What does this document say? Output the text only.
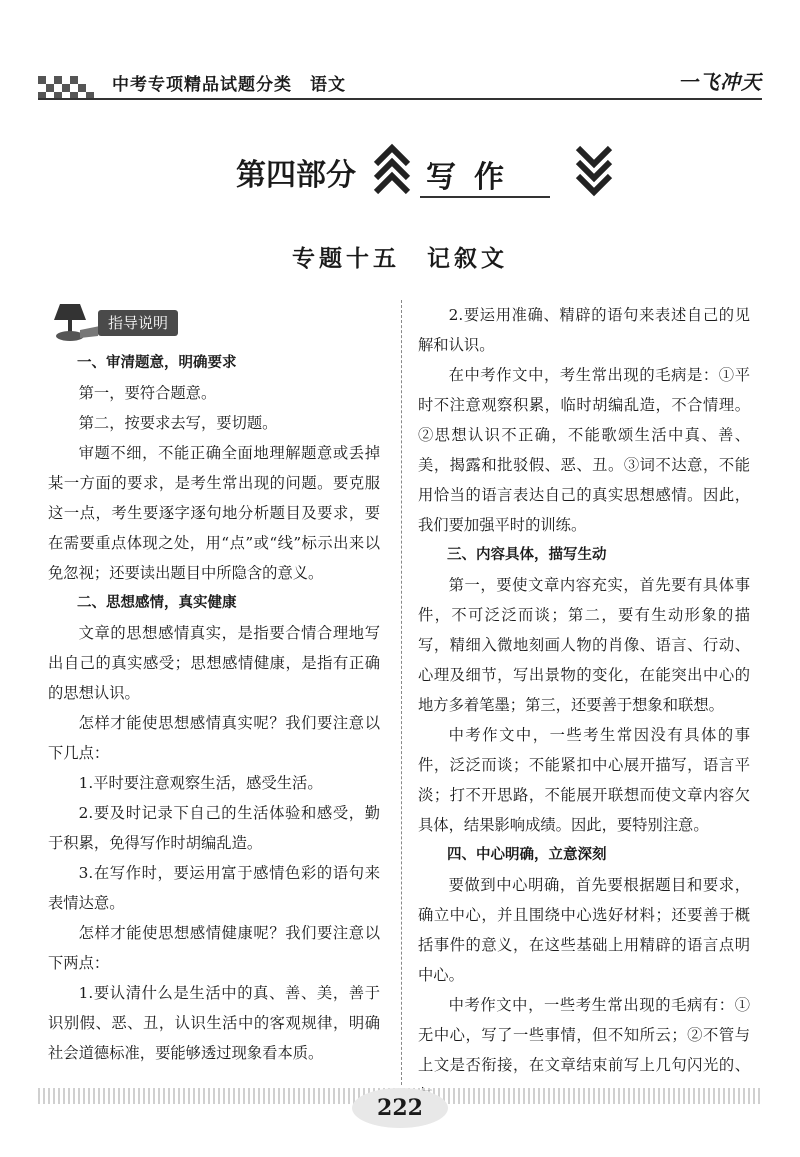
中考专项精品试题分类　语文	一飞冲天
第四部分 写作
专题十五　记叙文
指导说明

一、审清题意，明确要求

第一，要符合题意。

第二，按要求去写，要切题。

审题不细，不能正确全面地理解题意或丢掉某一方面的要求，是考生常出现的问题。要克服这一点，考生要逐字逐句地分析题目及要求，要在需要重点体现之处，用“点”或“线”标示出来以免忽视；还要读出题目中所隐含的意义。

二、思想感情，真实健康

文章的思想感情真实，是指要合情合理地写出自己的真实感受；思想感情健康，是指有正确的思想认识。

怎样才能使思想感情真实呢？我们要注意以下几点：

1.平时要注意观察生活，感受生活。

2.要及时记录下自己的生活体验和感受，勤于积累，免得写作时胡编乱造。

3.在写作时，要运用富于感情色彩的语句来表情达意。

怎样才能使思想感情健康呢？我们要注意以下两点：

1.要认清什么是生活中的真、善、美，善于识别假、恶、丑，认识生活中的客观规律，明确社会道德标准，要能够透过现象看本质。

2.要运用准确、精辟的语句来表述自己的见解和认识。

在中考作文中，考生常出现的毛病是：①平时不注意观察积累，临时胡编乱造，不合情理。②思想认识不正确，不能歌颂生活中真、善、美，揭露和批驳假、恶、丑。③词不达意，不能用恰当的语言表达自己的真实思想感情。因此，我们要加强平时的训练。

三、内容具体，描写生动

第一，要使文章内容充实，首先要有具体事件，不可泛泛而谈；第二，要有生动形象的描写，精细入微地刻画人物的肖像、语言、行动、心理及细节，写出景物的变化，在能突出中心的地方多着笔墨；第三，还要善于想象和联想。

中考作文中，一些考生常因没有具体的事件，泛泛而谈；不能紧扣中心展开描写，语言平淡；打不开思路，不能展开联想而使文章内容欠具体，结果影响成绩。因此，要特别注意。

四、中心明确，立意深刻

要做到中心明确，首先要根据题目和要求，确立中心，并且围绕中心选好材料；还要善于概括事件的意义，在这些基础上用精辟的语言点明中心。

中考作文中，一些考生常出现的毛病有：①无中心，写了一些事情，但不知所云；②不管与上文是否衔接，在文章结束前写上几句闪光的、

222
